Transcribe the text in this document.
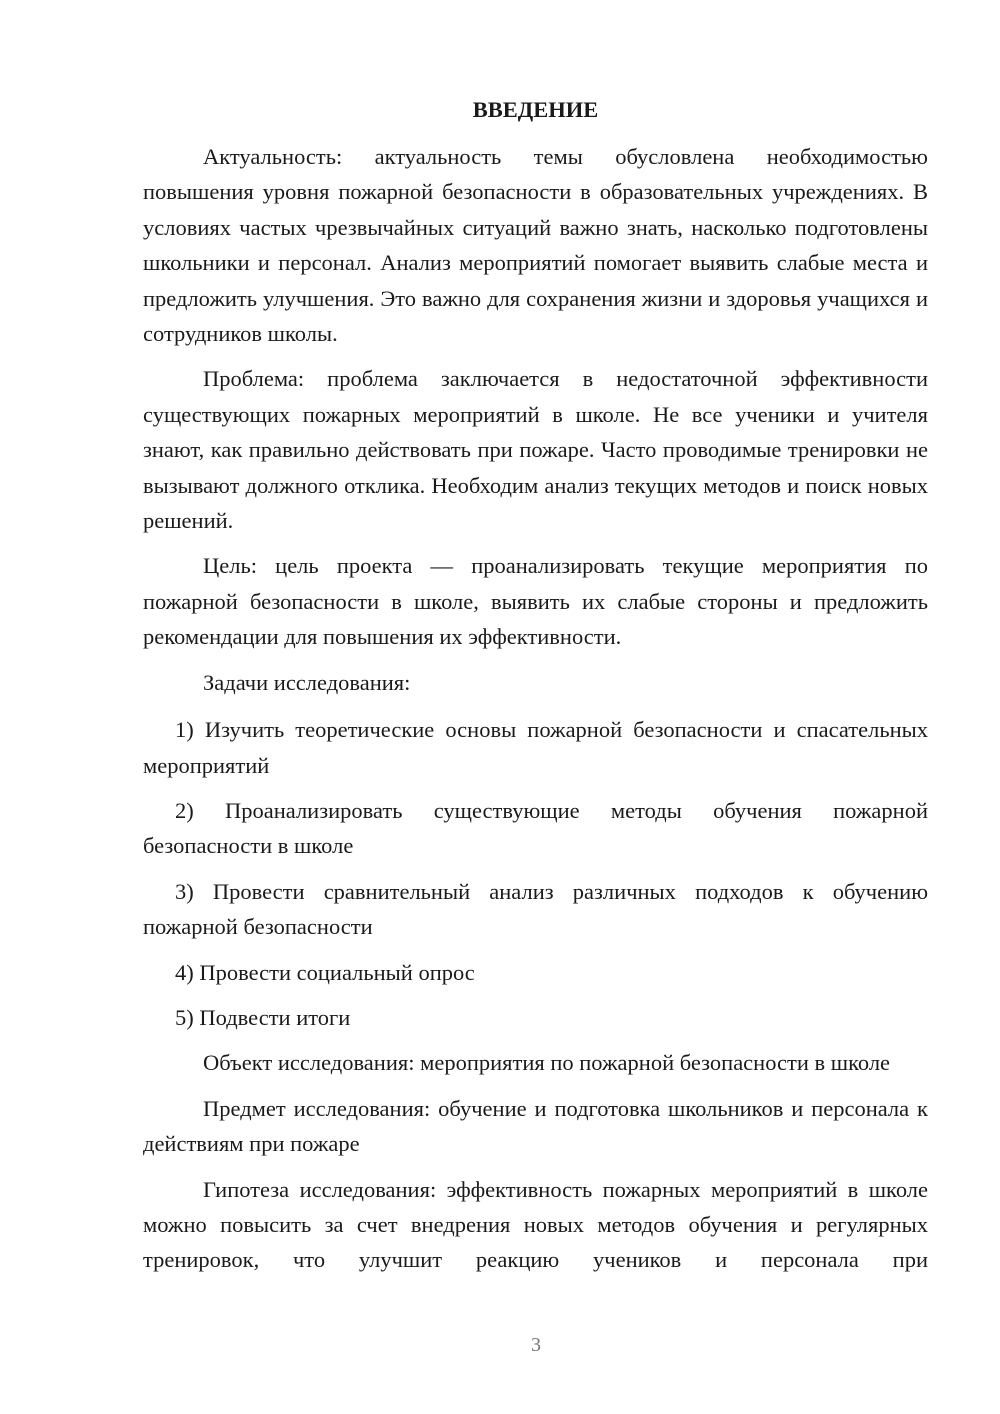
ВВЕДЕНИЕ

Актуальность: актуальность темы обусловлена необходимостью повышения уровня пожарной безопасности в образовательных учреждениях. В условиях частых чрезвычайных ситуаций важно знать, насколько подготовлены школьники и персонал. Анализ мероприятий помогает выявить слабые места и предложить улучшения. Это важно для сохранения жизни и здоровья учащихся и сотрудников школы.

Проблема: проблема заключается в недостаточной эффективности существующих пожарных мероприятий в школе. Не все ученики и учителя знают, как правильно действовать при пожаре. Часто проводимые тренировки не вызывают должного отклика. Необходим анализ текущих методов и поиск новых решений.

Цель: цель проекта — проанализировать текущие мероприятия по пожарной безопасности в школе, выявить их слабые стороны и предложить рекомендации для повышения их эффективности.

Задачи исследования:

1) Изучить теоретические основы пожарной безопасности и спасательных мероприятий

2) Проанализировать существующие методы обучения пожарной безопасности в школе

3) Провести сравнительный анализ различных подходов к обучению пожарной безопасности

4) Провести социальный опрос

5) Подвести итоги

Объект исследования: мероприятия по пожарной безопасности в школе

Предмет исследования: обучение и подготовка школьников и персонала к действиям при пожаре

Гипотеза исследования: эффективность пожарных мероприятий в школе можно повысить за счет внедрения новых методов обучения и регулярных тренировок, что улучшит реакцию учеников и персонала при

3
